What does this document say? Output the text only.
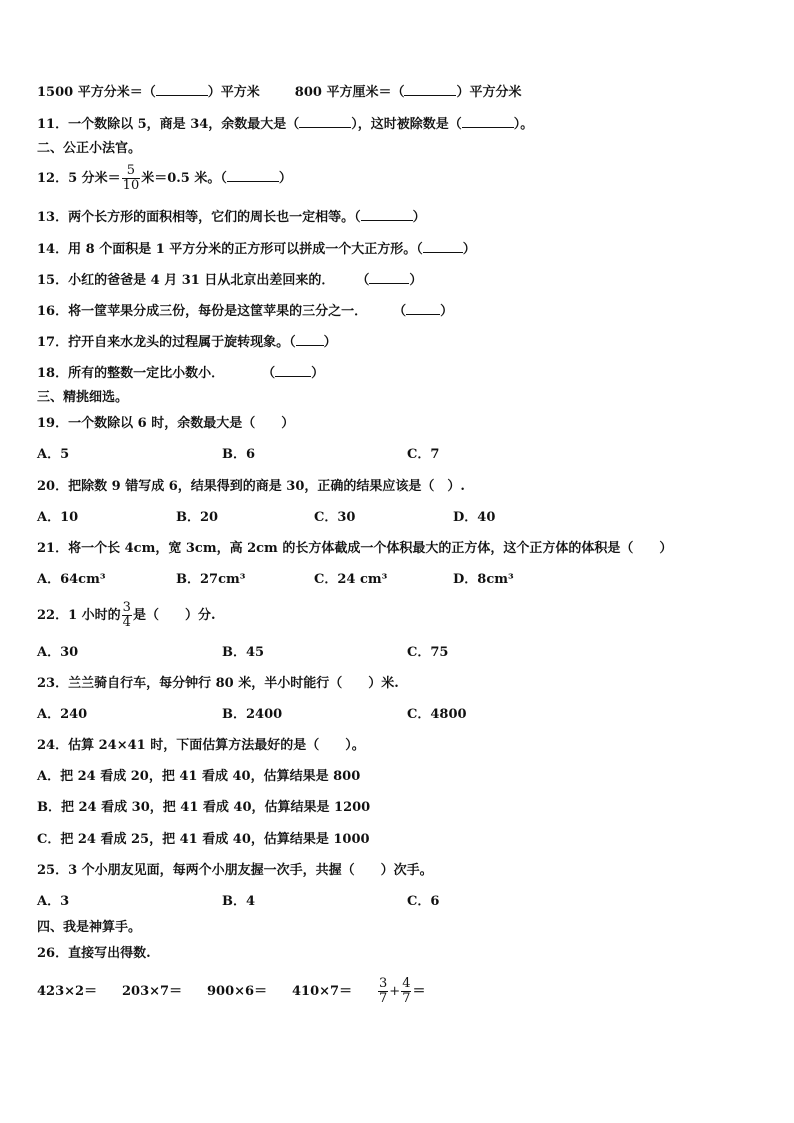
1500 平方分米＝（	）平方米	800 平方厘米＝（	）平方分米
11．一个数除以 5，商是 34，余数最大是（	），这时被除数是（	）。
二、公正小法官。
12．5 分米＝ $\frac{5}{10}$ 米＝0.5 米。（	）
13．两个长方形的面积相等，它们的周长也一定相等。（	）
14．用 8 个面积是 1 平方分米的正方形可以拼成一个大正方形。（	）
15．小红的爸爸是 4 月 31 日从北京出差回来的． （	）
16．将一筐苹果分成三份，每份是这筐苹果的三分之一． （	）
17．拧开自来水龙头的过程属于旋转现象。（ ）
18．所有的整数一定比小数小．	（	）
三、精挑细选。
19．一个数除以 6 时，余数最大是（　　）
A．5	B．6	C．7
20．把除数 9 错写成 6，结果得到的商是 30，正确的结果应该是（　）.
A．10	B．20	C．30	D．40
21．将一个长 4cm，宽 3cm，高 2cm 的长方体截成一个体积最大的正方体，这个正方体的体积是（　　）
A．64cm³	B．27cm³	C．24 cm³	D．8cm³
22．1 小时的 $\frac{3}{4}$ 是（　　）分.
A．30	B．45	C．75
23．兰兰骑自行车，每分钟行 80 米，半小时能行（　　）米.
A．240	B．2400	C．4800
24．估算 24×41 时，下面估算方法最好的是（　　）。
A．把 24 看成 20，把 41 看成 40，估算结果是 800
B．把 24 看成 30，把 41 看成 40，估算结果是 1200
C．把 24 看成 25，把 41 看成 40，估算结果是 1000
25．3 个小朋友见面，每两个小朋友握一次手，共握（　　）次手。
A．3	B．4	C．6
四、我是神算手。
26．直接写出得数.
$423\times 2= 203\times 7= 900\times 6= 410\times 7= \frac{3}{7} + \frac{4}{7}$ ＝
